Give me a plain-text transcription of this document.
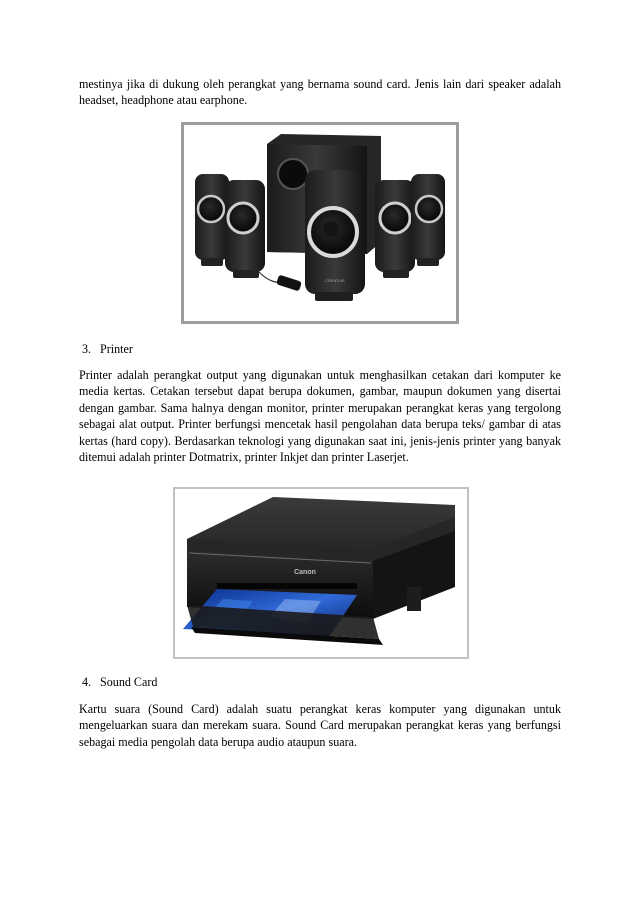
mestinya jika di dukung oleh perangkat yang bernama sound card. Jenis lain dari speaker adalah headset, headphone atau earphone.

CREATIVE

3. Printer

Printer adalah perangkat output yang digunakan untuk menghasilkan cetakan dari komputer ke media kertas. Cetakan tersebut dapat berupa dokumen, gambar, maupun dokumen yang disertai dengan gambar. Sama halnya dengan monitor, printer merupakan perangkat keras yang tergolong sebagai alat output. Printer berfungsi mencetak hasil pengolahan data berupa teks/ gambar di atas kertas (hard copy). Berdasarkan teknologi yang digunakan saat ini, jenis-jenis printer yang banyak ditemui adalah printer Dotmatrix, printer Inkjet dan printer Laserjet.

Canon

4. Sound Card

Kartu suara (Sound Card) adalah suatu perangkat keras komputer yang digunakan untuk mengeluarkan suara dan merekam suara. Sound Card merupakan perangkat keras yang berfungsi sebagai media pengolah data berupa audio ataupun suara.
